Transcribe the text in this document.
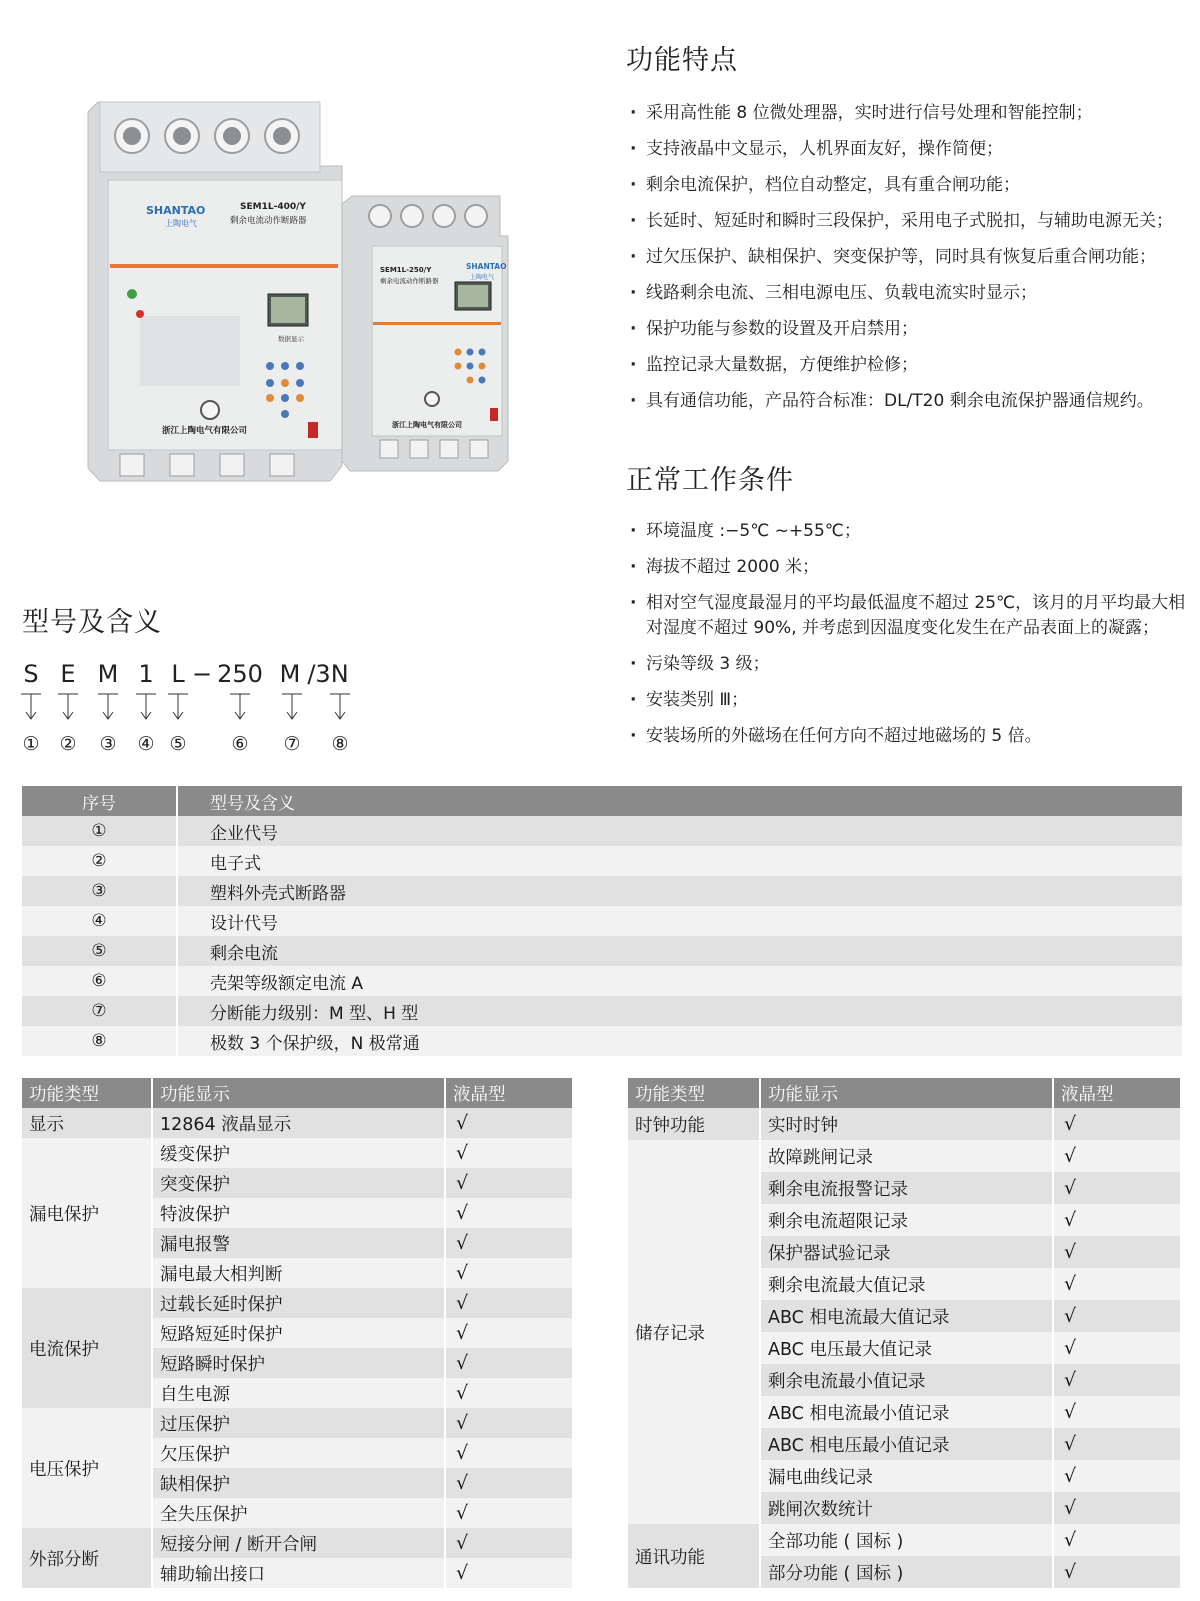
SHANTAO
上陶电气
SEM1L-400/Y
剩余电流动作断路器
数据显示
浙江上陶电气有限公司
SEM1L-250/Y
剩余电流动作断路器
SHANTAO
上陶电气
浙江上陶电气有限公司
功能特点
· 采用高性能 8 位微处理器，实时进行信号处理和智能控制；
· 支持液晶中文显示，人机界面友好，操作简便；
· 剩余电流保护，档位自动整定，具有重合闸功能；
· 长延时、短延时和瞬时三段保护，采用电子式脱扣，与辅助电源无关；
· 过欠压保护、缺相保护、突变保护等，同时具有恢复后重合闸功能；
· 线路剩余电流、三相电源电压、负载电流实时显示；
· 保护功能与参数的设置及开启禁用；
· 监控记录大量数据，方便维护检修；
· 具有通信功能，产品符合标准：DL/T20 剩余电流保护器通信规约。
正常工作条件
· 环境温度 :−5℃ ~+55℃；
· 海拔不超过 2000 米；
· 相对空气湿度最湿月的平均最低温度不超过 25℃，该月的月平均最大相对湿度不超过 90%, 并考虑到因温度变化发生在产品表面上的凝露；
· 污染等级 3 级；
· 安装类别 Ⅲ；
· 安装场所的外磁场在任何方向不超过地磁场的 5 倍。
型号及含义
S E M 1 L − 250 M /3N
① ② ③ ④ ⑤ ⑥ ⑦ ⑧
序号	型号及含义
①	企业代号
②	电子式
③	塑料外壳式断路器
④	设计代号
⑤	剩余电流
⑥	壳架等级额定电流 A
⑦	分断能力级别：M 型、H 型
⑧	极数 3 个保护级，N 极常通
功能类型	功能显示	液晶型
显示	12864 液晶显示	√
漏电保护	缓变保护	√
	突变保护	√
	特波保护	√
	漏电报警	√
	漏电最大相判断	√
电流保护	过载长延时保护	√
	短路短延时保护	√
	短路瞬时保护	√
	自生电源	√
电压保护	过压保护	√
	欠压保护	√
	缺相保护	√
	全失压保护	√
外部分断	短接分闸 / 断开合闸	√
	辅助输出接口	√
功能类型	功能显示	液晶型
时钟功能	实时时钟	√
储存记录	故障跳闸记录	√
	剩余电流报警记录	√
	剩余电流超限记录	√
	保护器试验记录	√
	剩余电流最大值记录	√
	ABC 相电流最大值记录	√
	ABC 电压最大值记录	√
	剩余电流最小值记录	√
	ABC 相电流最小值记录	√
	ABC 相电压最小值记录	√
	漏电曲线记录	√
	跳闸次数统计	√
通讯功能	全部功能 ( 国标 )	√
	部分功能 ( 国标 )	√
